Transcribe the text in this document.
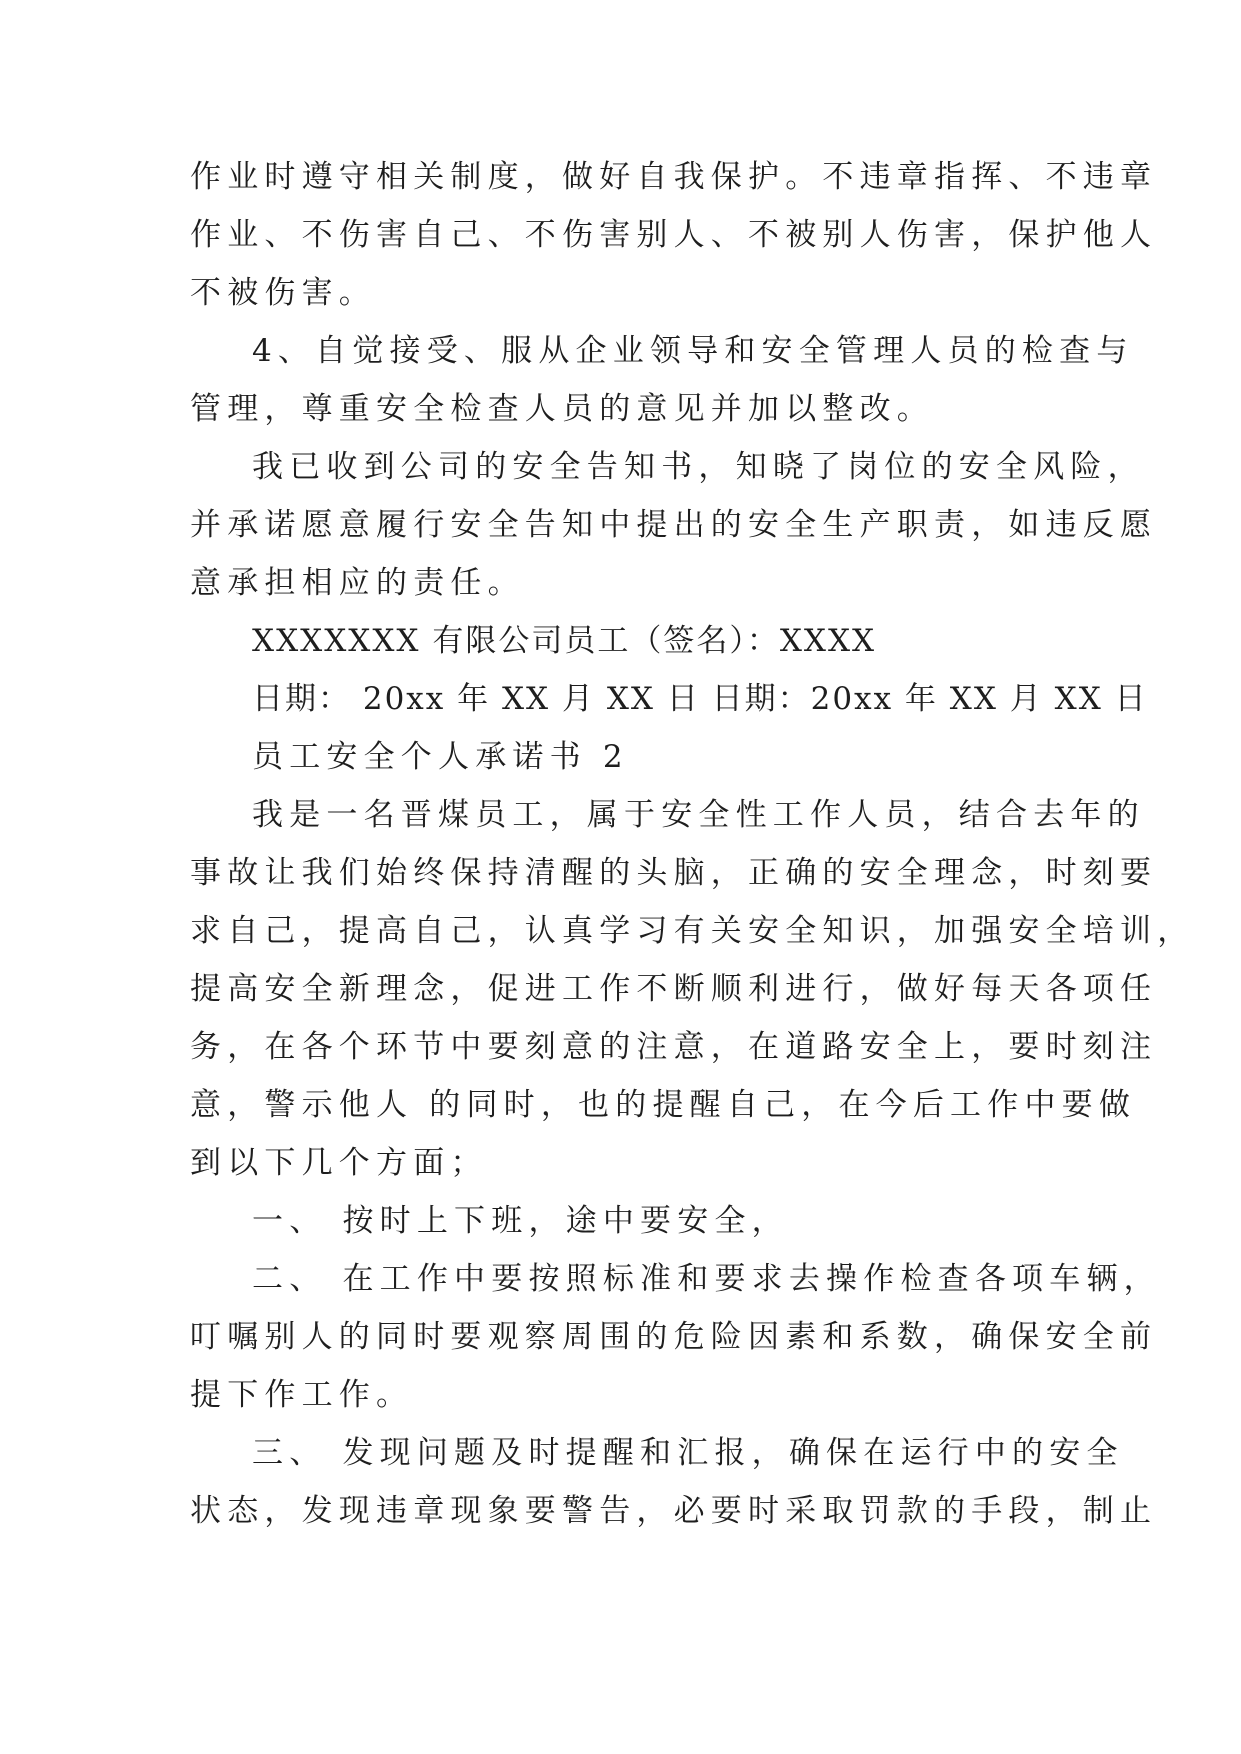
作业时遵守相关制度，做好自我保护。不违章指挥、不违章
作业、不伤害自己、不伤害别人、不被别人伤害，保护他人
不被伤害。
4、自觉接受、服从企业领导和安全管理人员的检查与
管理，尊重安全检查人员的意见并加以整改。
我已收到公司的安全告知书，知晓了岗位的安全风险，
并承诺愿意履行安全告知中提出的安全生产职责，如违反愿
意承担相应的责任。
XXXXXXX 有限公司员工（签名）：XXXX
日期： 20xx 年 XX 月 XX 日 日期：20xx 年 XX 月 XX 日
员工安全个人承诺书 2
我是一名晋煤员工，属于安全性工作人员，结合去年的
事故让我们始终保持清醒的头脑，正确的安全理念，时刻要
求自己，提高自己，认真学习有关安全知识，加强安全培训，
提高安全新理念，促进工作不断顺利进行，做好每天各项任
务，在各个环节中要刻意的注意，在道路安全上，要时刻注
意，警示他人 的同时，也的提醒自己，在今后工作中要做
到以下几个方面；
一、 按时上下班，途中要安全，
二、 在工作中要按照标准和要求去操作检查各项车辆，
叮嘱别人的同时要观察周围的危险因素和系数，确保安全前
提下作工作。
三、 发现问题及时提醒和汇报，确保在运行中的安全
状态，发现违章现象要警告，必要时采取罚款的手段，制止
